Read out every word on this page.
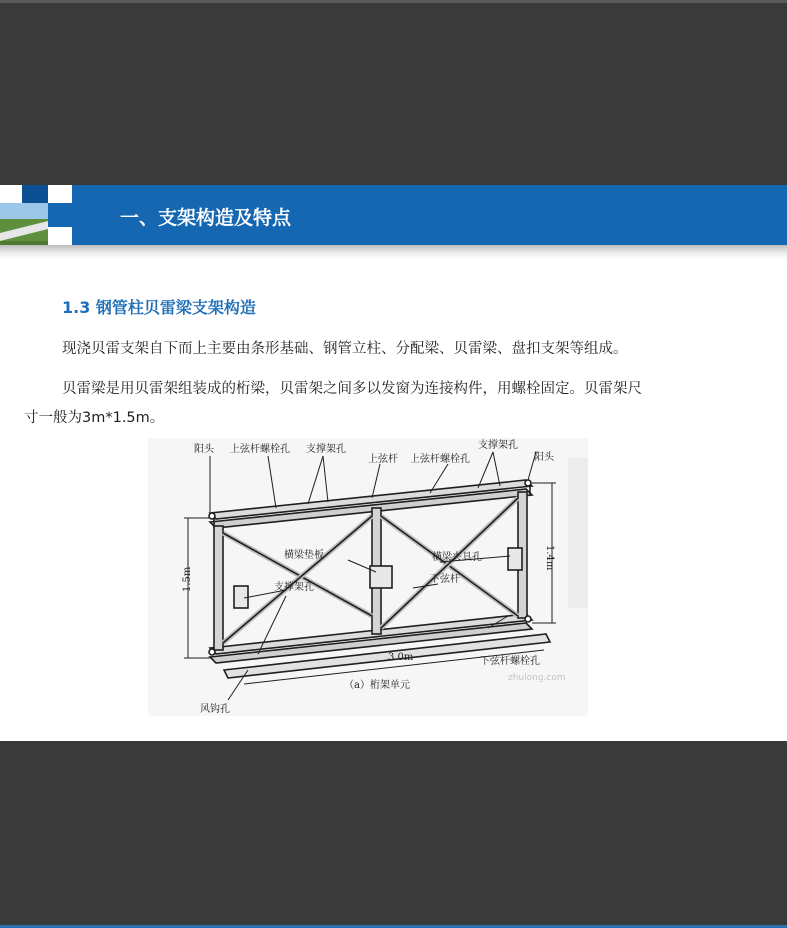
一、支架构造及特点
1.3 钢管柱贝雷梁支架构造
现浇贝雷支架自下而上主要由条形基础、钢管立柱、分配梁、贝雷梁、盘扣支架等组成。
贝雷梁是用贝雷架组装成的桁梁，贝雷架之间多以发窗为连接构件，用螺栓固定。贝雷架尺
寸一般为3m*1.5m。
阳头 上弦杆螺栓孔 支撑架孔
上弦杆 上弦杆螺栓孔
支撑架孔
阳头
1.5m
1.4m
横梁垫板	横梁夹具孔
下弦杆
支撑架孔
3.0m	下弦杆螺栓孔
风钩孔
（a）桁架单元
zhulong.com
